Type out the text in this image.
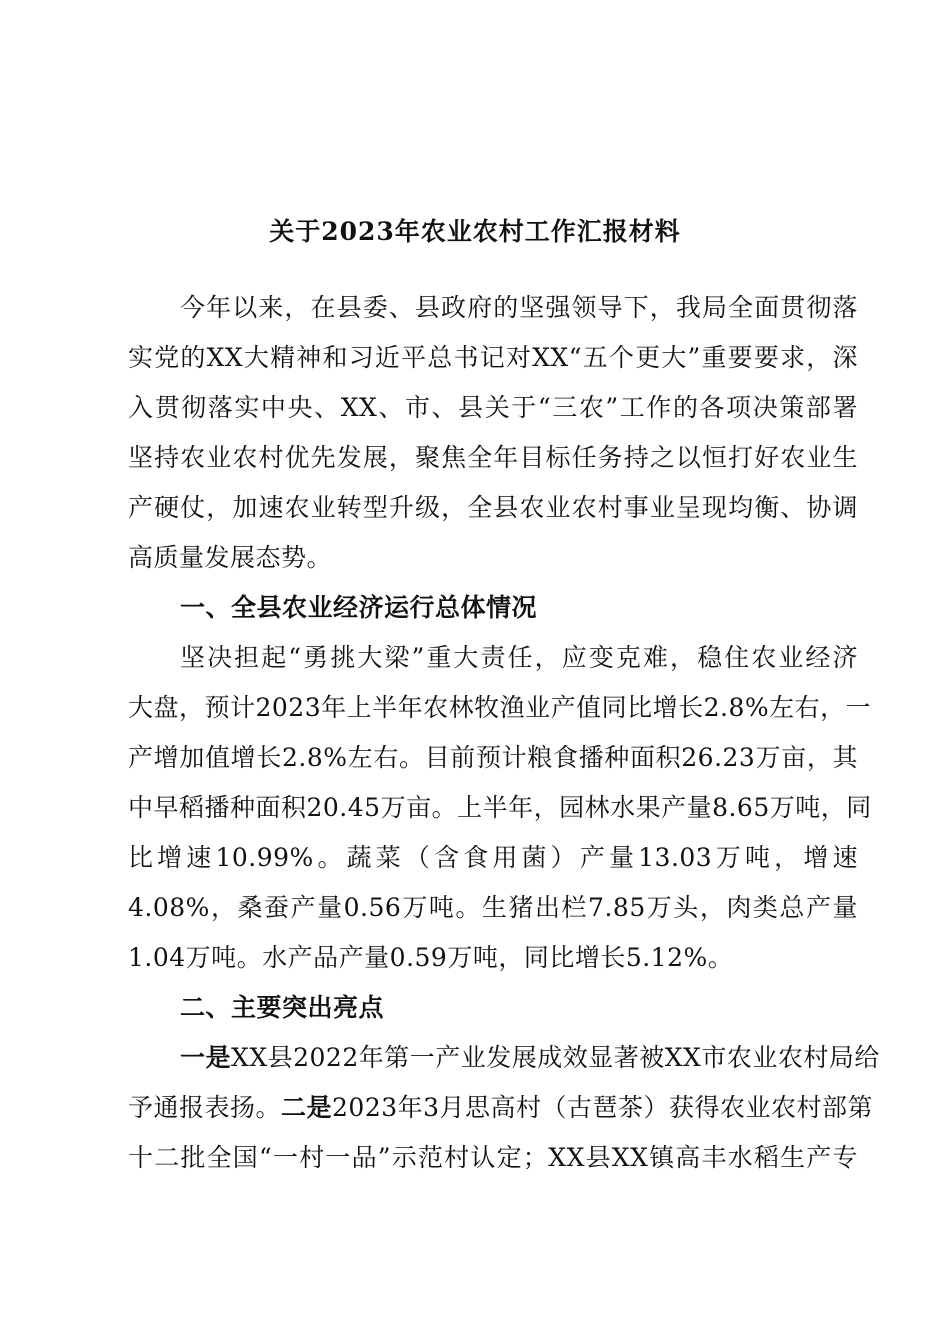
关于2023年农业农村工作汇报材料
今年以来，在县委、县政府的坚强领导下，我局全面贯彻落
实党的XX大精神和习近平总书记对XX“五个更大”重要要求，深
入贯彻落实中央、XX、市、县关于“三农”工作的各项决策部署
坚持农业农村优先发展，聚焦全年目标任务持之以恒打好农业生
产硬仗，加速农业转型升级，全县农业农村事业呈现均衡、协调
高质量发展态势。
一、全县农业经济运行总体情况
坚决担起“勇挑大梁”重大责任，应变克难，稳住农业经济
大盘，预计2023年上半年农林牧渔业产值同比增长2.8%左右，一
产增加值增长2.8%左右。目前预计粮食播种面积26.23万亩，其
中早稻播种面积20.45万亩。上半年，园林水果产量8.65万吨，同
比增速10.99%。蔬菜（含食用菌）产量13.03万吨，增速
4.08%，桑蚕产量0.56万吨。生猪出栏7.85万头，肉类总产量
1.04万吨。水产品产量0.59万吨，同比增长5.12%。
二、主要突出亮点
一是XX县2022年第一产业发展成效显著被XX市农业农村局给
予通报表扬。二是2023年3月思高村（古琶茶）获得农业农村部第
十二批全国“一村一品”示范村认定；XX县XX镇高丰水稻生产专
